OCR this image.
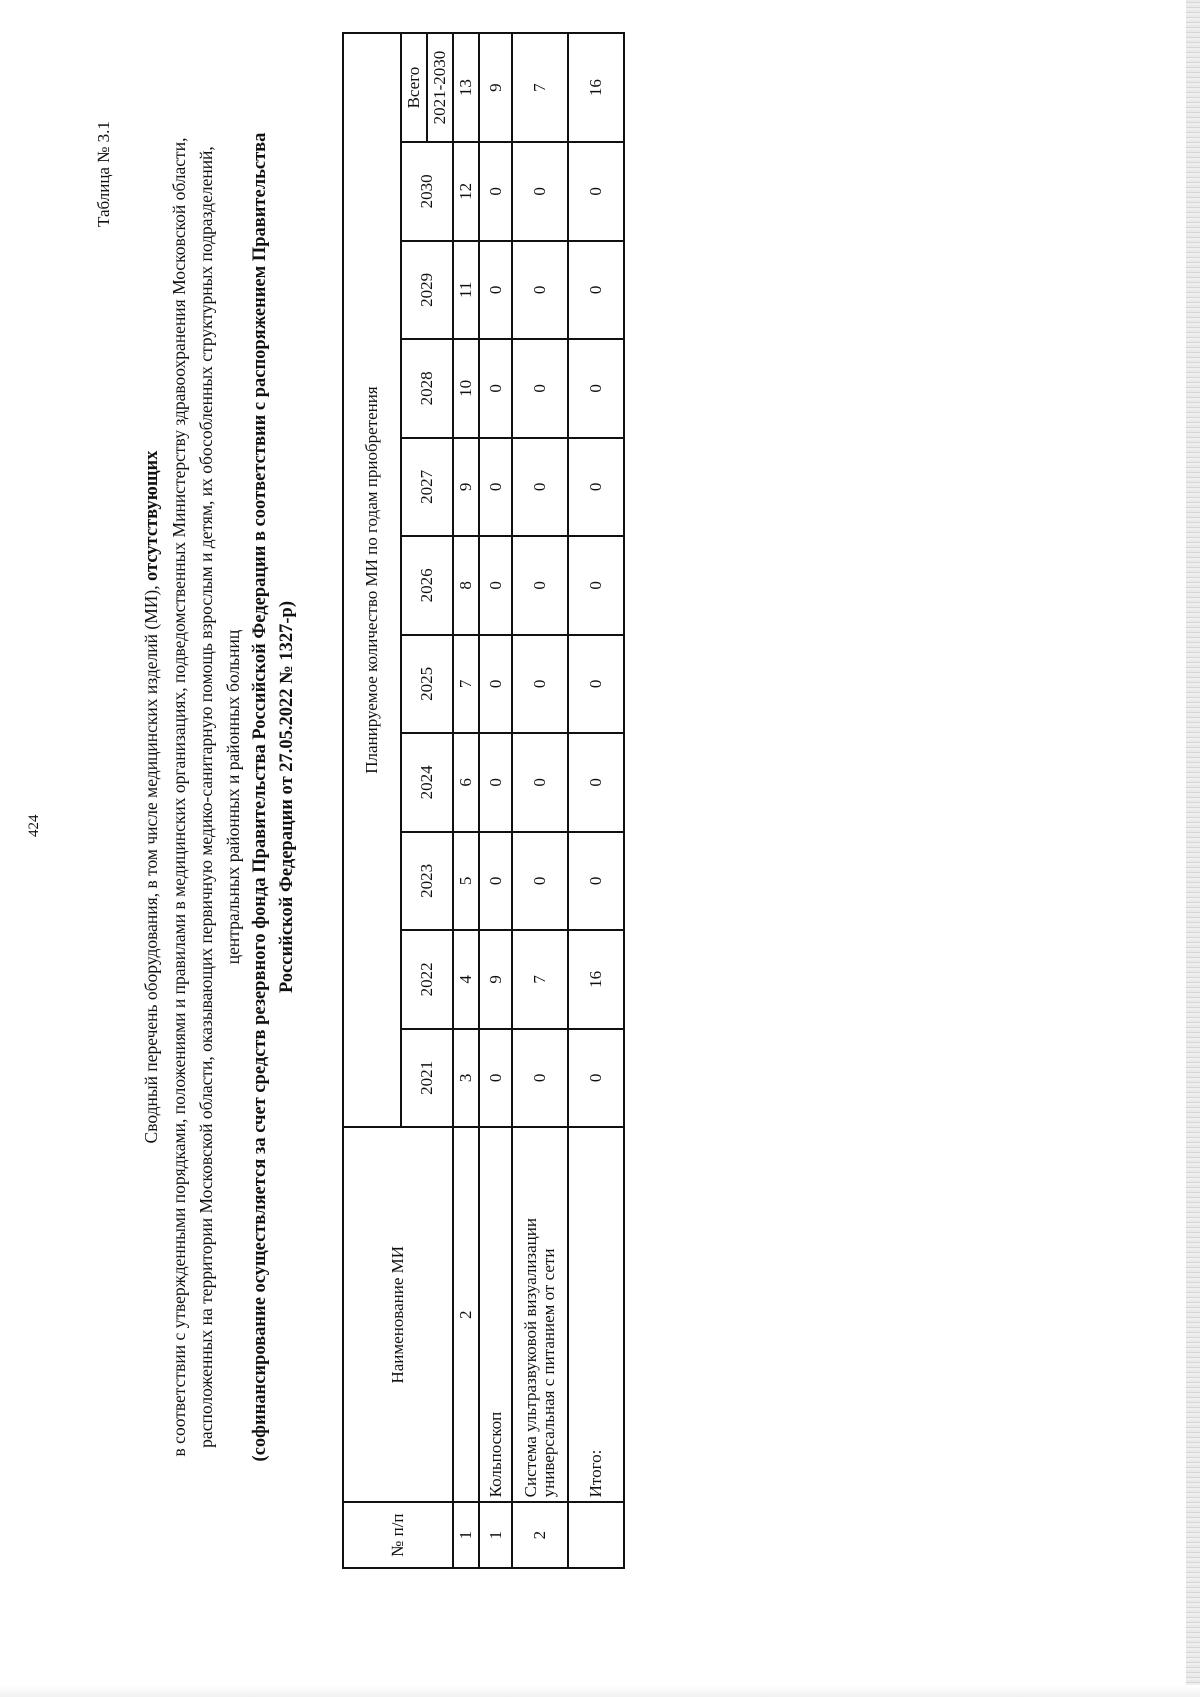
424
Таблица № 3.1

Сводный перечень оборудования, в том числе медицинских изделий (МИ), отсутствующих в соответствии с утвержденными порядками, положениями и правилами в медицинских организациях, подведомственных Министерству здравоохранения Московской области, расположенных на территории Московской области, оказывающих первичную медико-санитарную помощь взрослым и детям, их обособленных структурных подразделений, центральных районных и районных больниц (софинансирование осуществляется за счет средств резервного фонда Правительства Российской Федерации в соответствии с распоряжением Правительства Российской Федерации от 27.05.2022 № 1327-р)

№ п/п	Наименование МИ	Планируемое количество МИ по годам приобретения										
		2021	2022	2023	2024	2025	2026	2027	2028	2029	2030	Всего
												2021-2030
1	2	3	4	5	6	7	8	9	10	11	12	13
1	Кольпоскоп	0	9	0	0	0	0	0	0	0	0	9
2	Система ультразвуковой визуализации универсальная с питанием от сети	0	7	0	0	0	0	0	0	0	0	7
	Итого:	0	16	0	0	0	0	0	0	0	0	16
